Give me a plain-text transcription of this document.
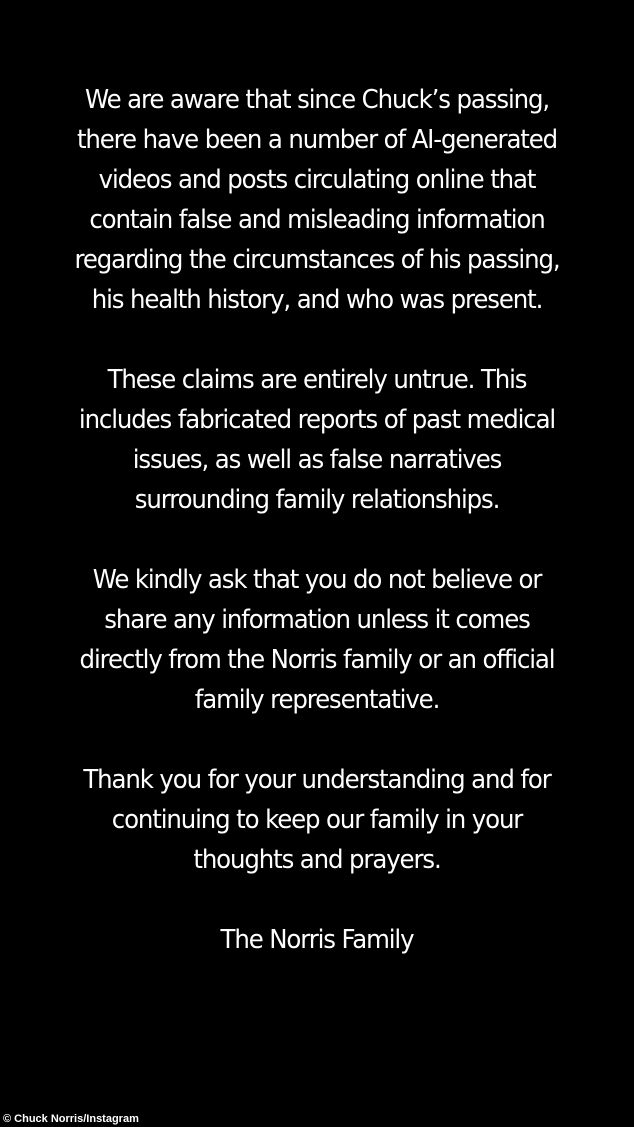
We are aware that since Chuck’s passing,
there have been a number of AI-generated
videos and posts circulating online that
contain false and misleading information
regarding the circumstances of his passing,
his health history, and who was present.

These claims are entirely untrue. This
includes fabricated reports of past medical
issues, as well as false narratives
surrounding family relationships.

We kindly ask that you do not believe or
share any information unless it comes
directly from the Norris family or an official
family representative.

Thank you for your understanding and for
continuing to keep our family in your
thoughts and prayers.

The Norris Family

© Chuck Norris/Instagram
